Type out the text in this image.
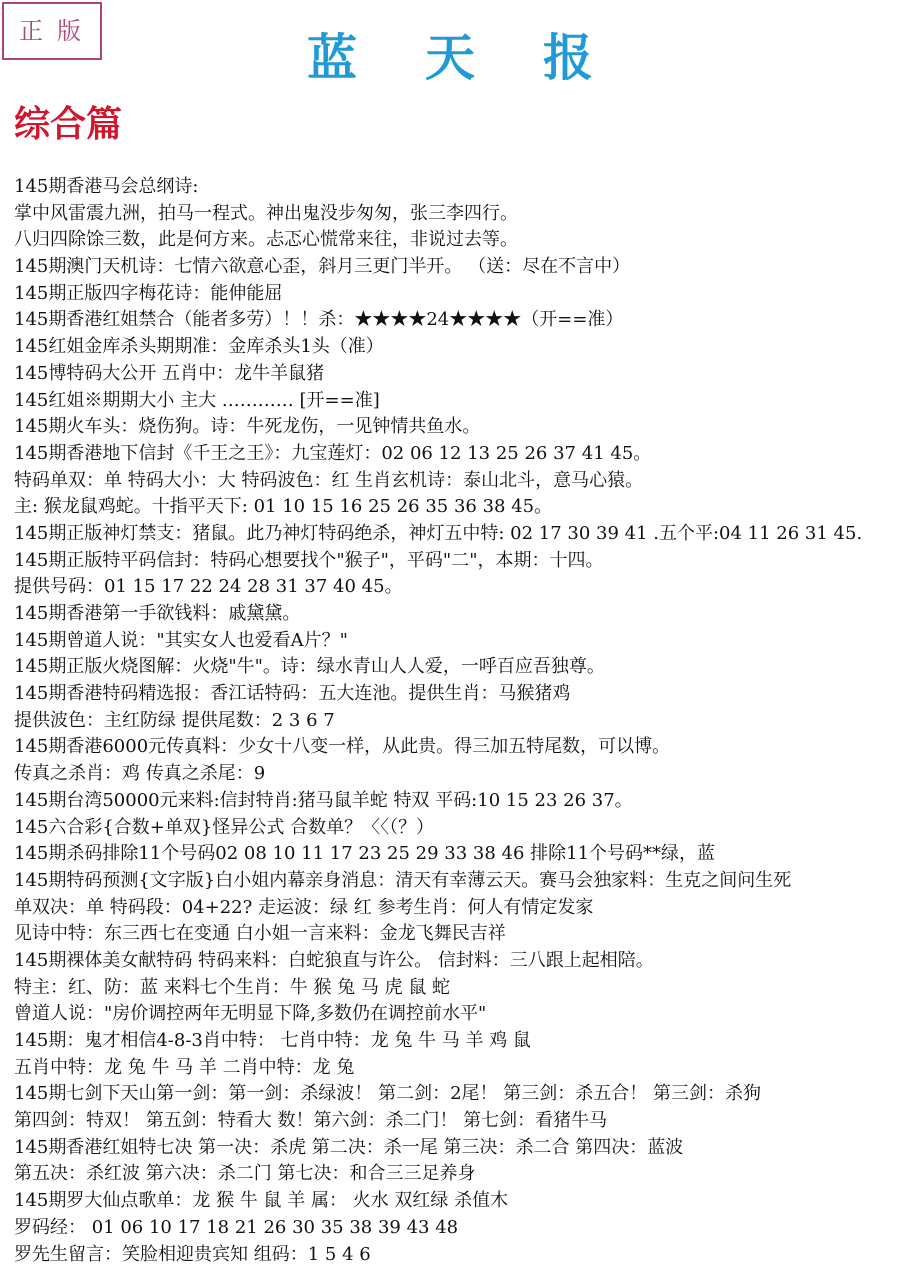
正版	蓝天报
综合篇
145期香港马会总纲诗:
掌中风雷震九洲，拍马一程式。神出鬼没步匆匆，张三李四行。
八归四除馀三数，此是何方来。忐忑心慌常来往，非说过去等。
145期澳门天机诗：七情六欲意心歪，斜月三更门半开。 （送：尽在不言中）
145期正版四字梅花诗：能伸能屈
145期香港红姐禁合（能者多劳）！！杀：★★★★24★★★★（开==准）
145红姐金库杀头期期准：金库杀头1头（准）
145博特码大公开 五肖中：龙牛羊鼠猪
145红姐※期期大小 主大 ………… [开==准]
145期火车头：烧伤狗。诗：牛死龙伤，一见钟情共鱼水。
145期香港地下信封《千王之王》：九宝莲灯：02 06 12 13 25 26 37 41 45。
特码单双：单 特码大小：大 特码波色：红 生肖玄机诗：泰山北斗，意马心猿。
主: 猴龙鼠鸡蛇。十指平天下: 01 10 15 16 25 26 35 36 38 45。
145期正版神灯禁支：猪鼠。此乃神灯特码绝杀，神灯五中特: 02 17 30 39 41 .五个平:04 11 26 31 45.
145期正版特平码信封：特码心想要找个"猴子"，平码"二"，本期：十四。
提供号码：01 15 17 22 24 28 31 37 40 45。
145期香港第一手欲钱料：戚黛黛。
145期曾道人说："其实女人也爱看A片？"
145期正版火烧图解：火烧"牛"。诗：绿水青山人人爱，一呼百应吾独尊。
145期香港特码精选报：香江话特码：五大连池。提供生肖：马猴猪鸡
提供波色：主红防绿 提供尾数：2 3 6 7
145期香港6000元传真料：少女十八变一样，从此贵。得三加五特尾数，可以博。
传真之杀肖：鸡 传真之杀尾：9
145期台湾50000元来料:信封特肖:猪马鼠羊蛇 特双 平码:10 15 23 26 37。
145六合彩{合数+单双}怪异公式 合数单？〈〈（？）
145期杀码排除11个号码02 08 10 11 17 23 25 29 33 38 46 排除11个号码**绿，蓝
145期特码预测{文字版}白小姐内幕亲身消息：清天有幸薄云天。赛马会独家料：生克之间问生死
单双决：单 特码段：04+22? 走运波：绿 红 参考生肖：何人有情定发家
见诗中特：东三西七在变通 白小姐一言来料：金龙飞舞民吉祥
145期裸体美女献特码 特码来料：白蛇狼直与许公。 信封料：三八跟上起相陪。
特主：红、防：蓝 来料七个生肖：牛 猴 兔 马 虎 鼠 蛇
曾道人说："房价调控两年无明显下降,多数仍在调控前水平"
145期：鬼才相信4-8-3肖中特： 七肖中特：龙 兔 牛 马 羊 鸡 鼠
五肖中特：龙 兔 牛 马 羊 二肖中特：龙 兔
145期七剑下天山第一剑：第一剑：杀绿波！ 第二剑：2尾！ 第三剑：杀五合！ 第三剑：杀狗
第四剑：特双！ 第五剑：特看大 数！第六剑：杀二门！ 第七剑：看猪牛马
145期香港红姐特七决 第一决：杀虎 第二决：杀一尾 第三决：杀二合 第四决：蓝波
第五决：杀红波 第六决：杀二门 第七决：和合三三足养身
145期罗大仙点歌单：龙 猴 牛 鼠 羊 属： 火水 双红绿 杀值木
罗码经： 01 06 10 17 18 21 26 30 35 38 39 43 48
罗先生留言：笑脸相迎贵宾知 组码：1 5 4 6
